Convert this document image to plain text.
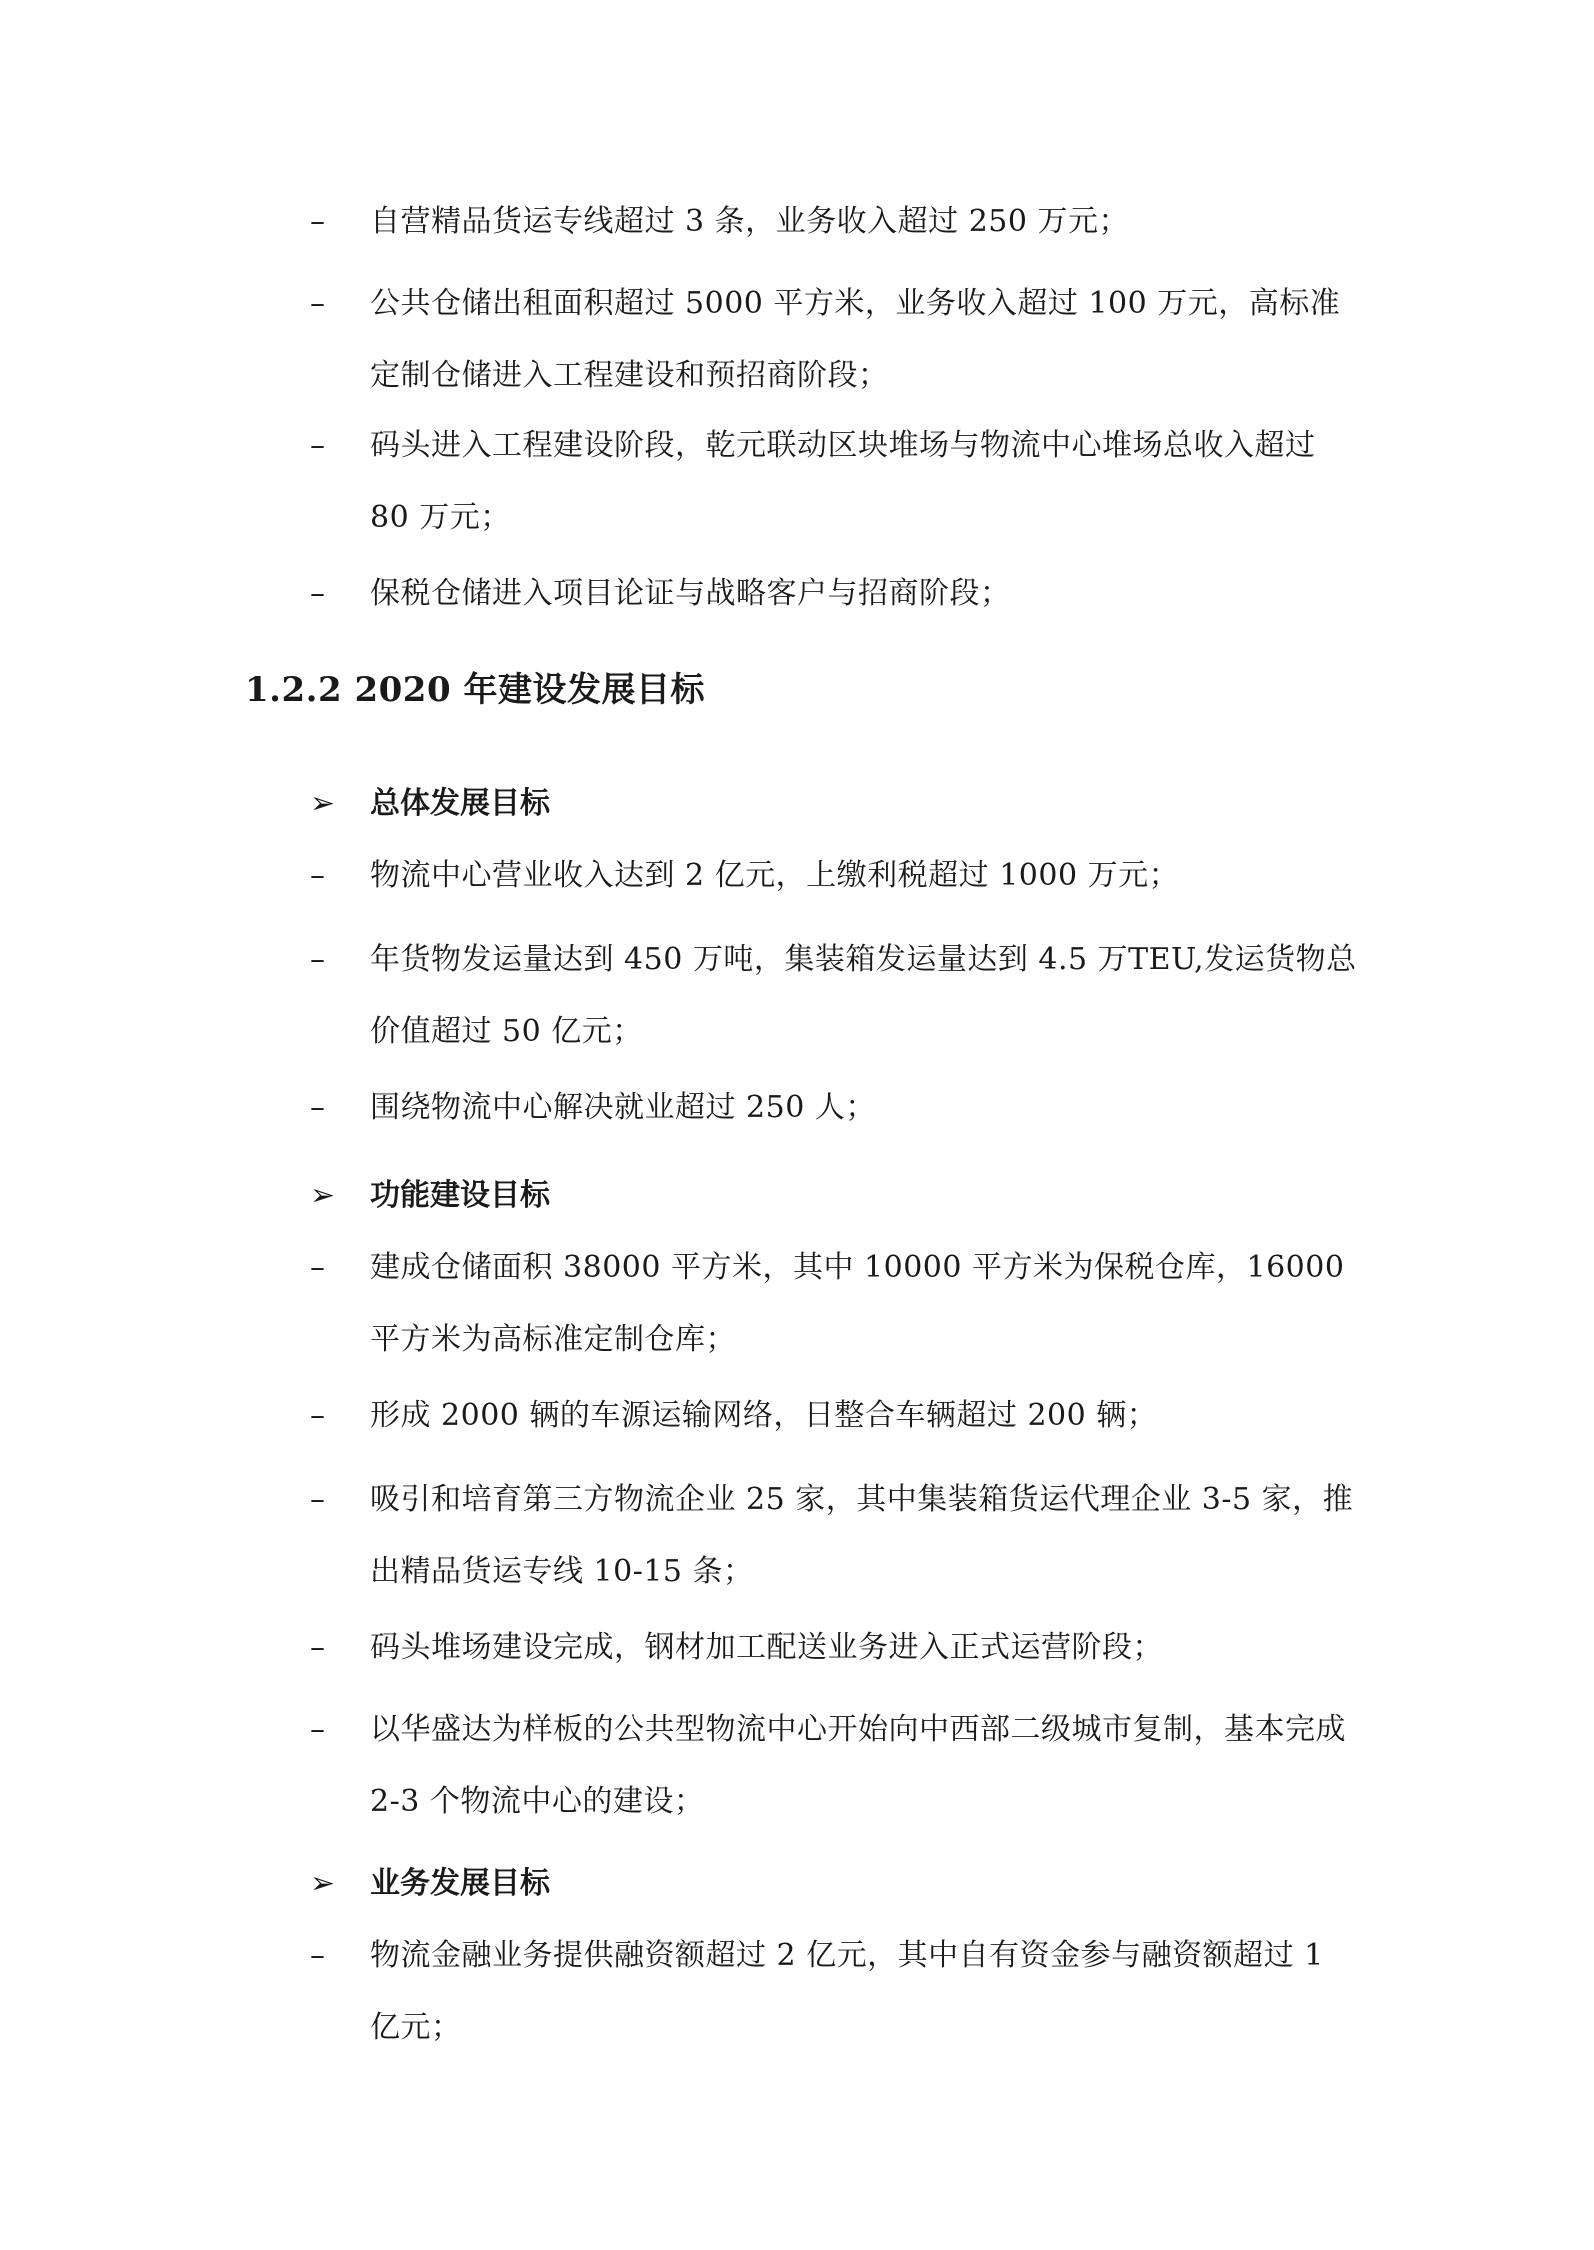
–	自营精品货运专线超过 3 条，业务收入超过 250 万元；
–	公共仓储出租面积超过 5000 平方米，业务收入超过 100 万元，高标准定制仓储进入工程建设和预招商阶段；
–	码头进入工程建设阶段，乾元联动区块堆场与物流中心堆场总收入超过 80 万元；
–	保税仓储进入项目论证与战略客户与招商阶段；
1.2.2 2020 年建设发展目标
➢	总体发展目标
–	物流中心营业收入达到 2 亿元，上缴利税超过 1000 万元；
–	年货物发运量达到 450 万吨，集装箱发运量达到 4.5 万TEU,发运货物总价值超过 50 亿元；
–	围绕物流中心解决就业超过 250 人；
➢	功能建设目标
–	建成仓储面积 38000 平方米，其中 10000 平方米为保税仓库，16000 平方米为高标准定制仓库；
–	形成 2000 辆的车源运输网络，日整合车辆超过 200 辆；
–	吸引和培育第三方物流企业 25 家，其中集装箱货运代理企业 3-5 家，推出精品货运专线 10-15 条；
–	码头堆场建设完成，钢材加工配送业务进入正式运营阶段；
–	以华盛达为样板的公共型物流中心开始向中西部二级城市复制，基本完成 2-3 个物流中心的建设；
➢	业务发展目标
–	物流金融业务提供融资额超过 2 亿元，其中自有资金参与融资额超过 1 亿元；
